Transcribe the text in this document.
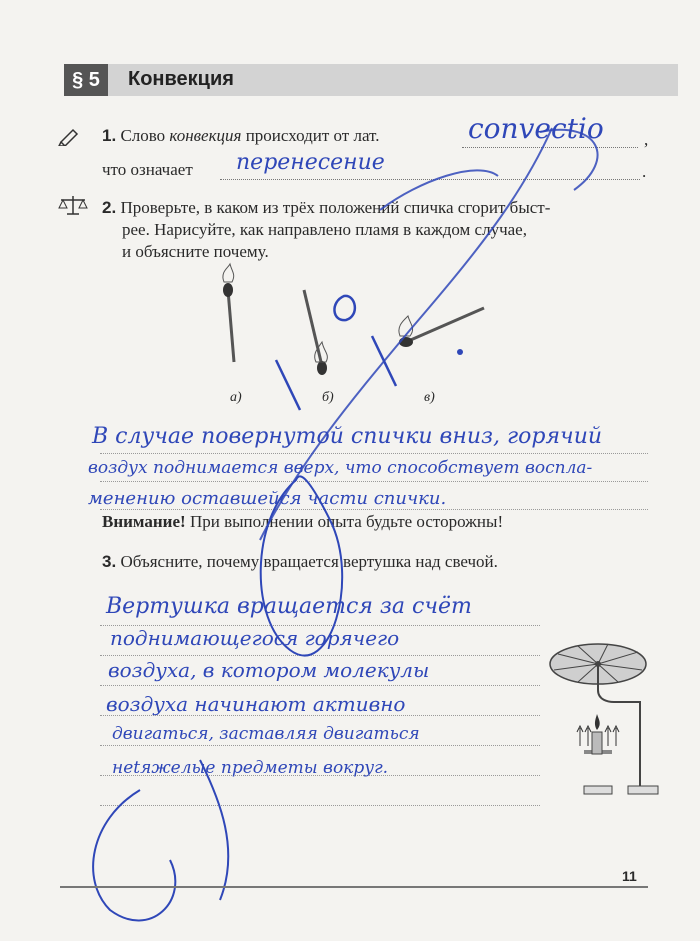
§ 5	Конвекция
1. Слово конвекция происходит от лат.	,
convectio
что означает	.
перенесение
2. Проверьте, в каком из трёх положений спичка сгорит быст-
рее. Нарисуйте, как направлено пламя в каждом случае,
и объясните почему.
а)	б)	в)
В случае повернутой спички вниз, горячий
воздух поднимается вверх, что способствует воспла-
менению оставшейся части спички.
Внимание! При выполнении опыта будьте осторожны!
3. Объясните, почему вращается вертушка над свечой.
Вертушка вращается за счёт
поднимающегося горячего
воздуха, в котором молекулы
воздуха начинают активно
двигаться, заставляя двигаться
неtяжелые предметы вокруг.
11
